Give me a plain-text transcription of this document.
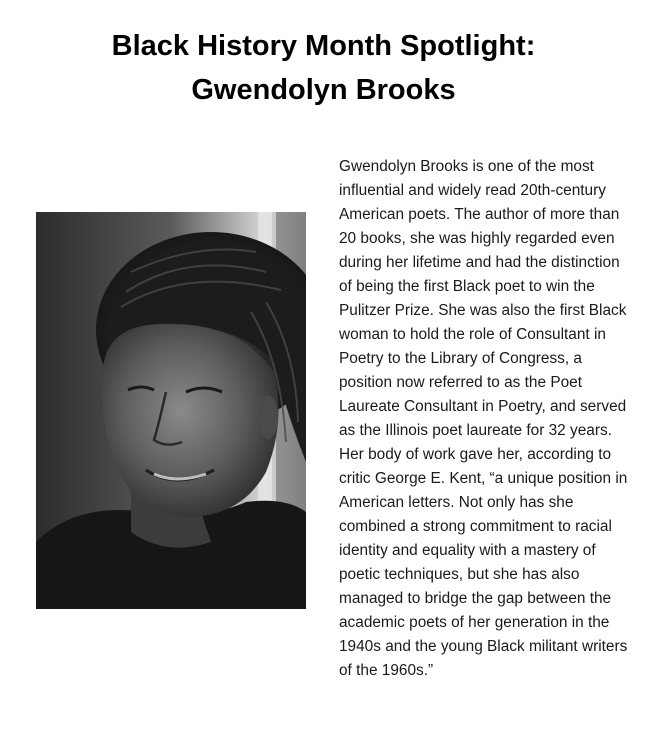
Black History Month Spotlight:
Gwendolyn Brooks

Gwendolyn Brooks is one of the most influential and widely read 20th-century American poets. The author of more than 20 books, she was highly regarded even during her lifetime and had the distinction of being the first Black poet to win the Pulitzer Prize. She was also the first Black woman to hold the role of Consultant in Poetry to the Library of Congress, a position now referred to as the Poet Laureate Consultant in Poetry, and served as the Illinois poet laureate for 32 years. Her body of work gave her, according to critic George E. Kent, “a unique position in American letters. Not only has she combined a strong commitment to racial identity and equality with a mastery of poetic techniques, but she has also managed to bridge the gap between the academic poets of her generation in the 1940s and the young Black militant writers of the 1960s.”
